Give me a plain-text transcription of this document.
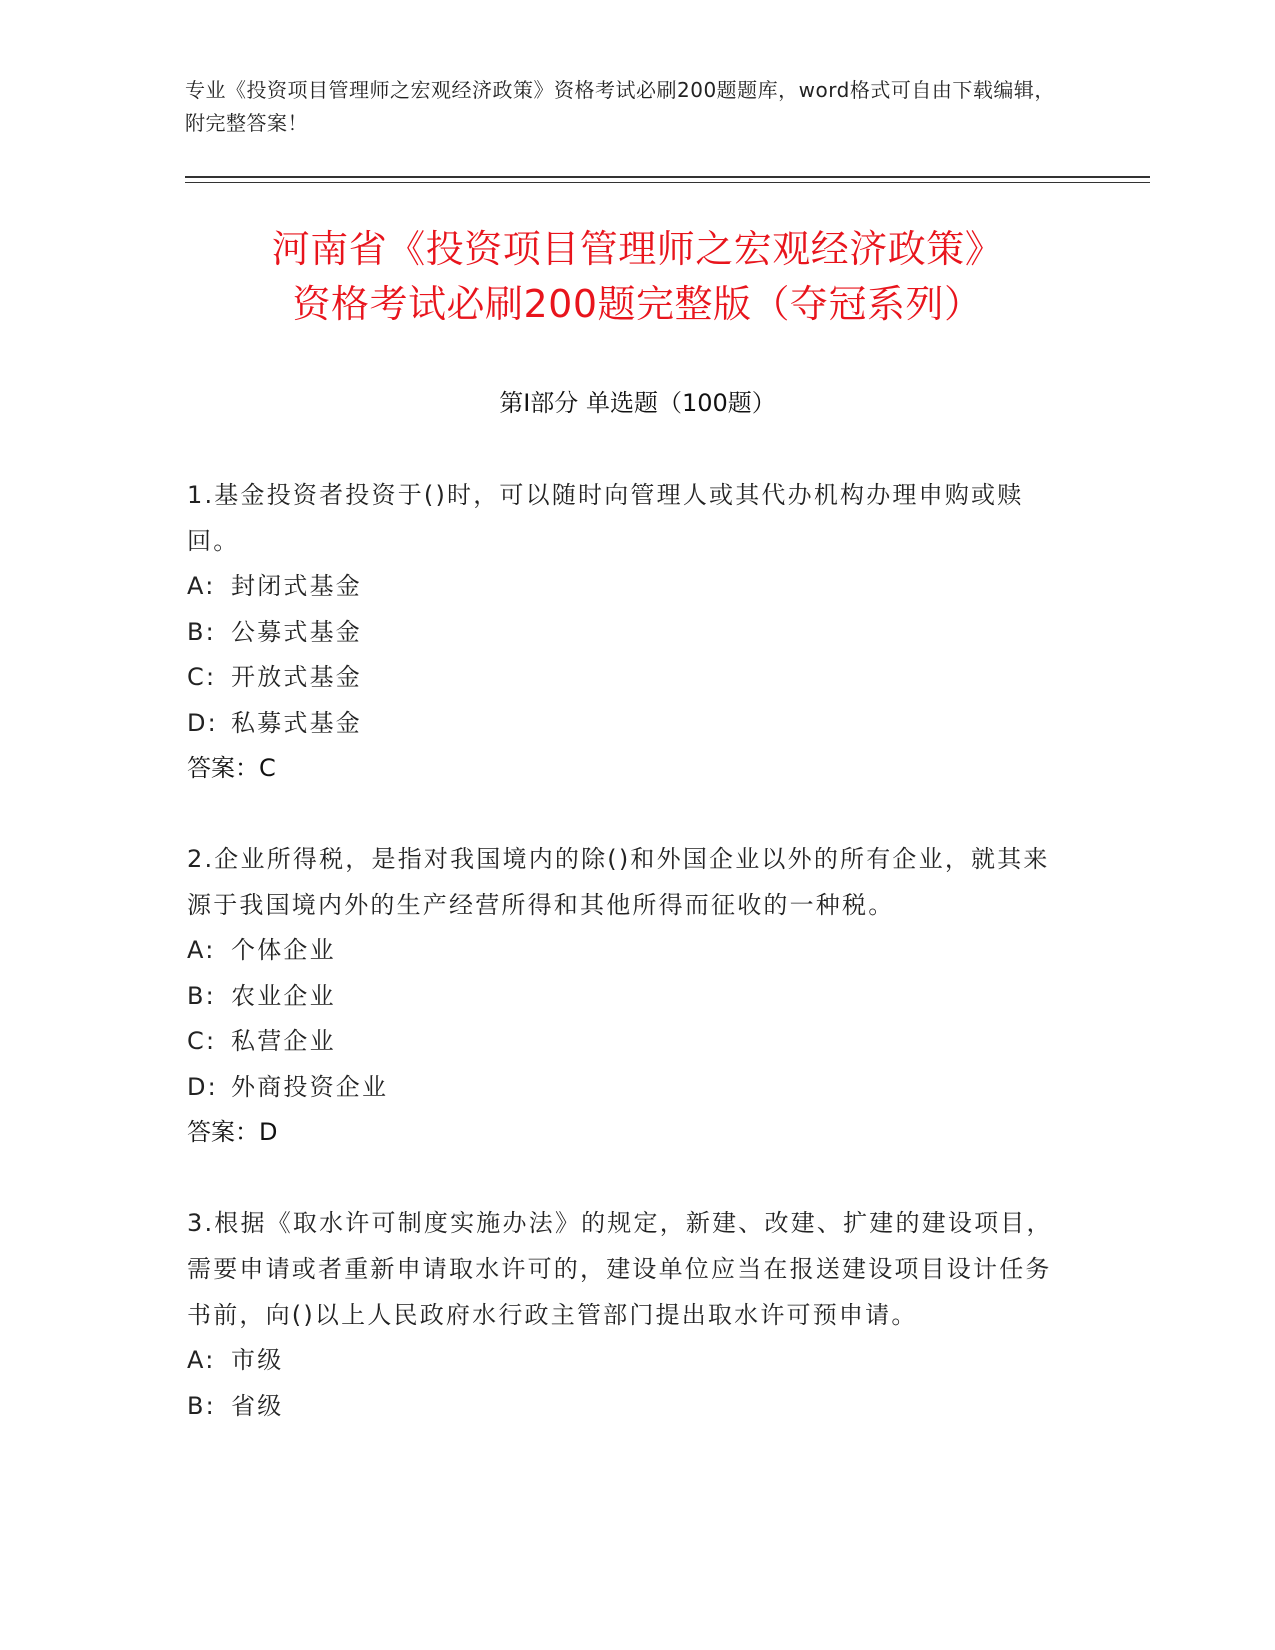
专业《投资项目管理师之宏观经济政策》资格考试必刷200题题库，word格式可自由下载编辑，附完整答案！
河南省《投资项目管理师之宏观经济政策》
资格考试必刷200题完整版（夺冠系列）
第Ⅰ部分 单选题（100题）
1.基金投资者投资于()时，可以随时向管理人或其代办机构办理申购或赎回。
A: 封闭式基金
B: 公募式基金
C: 开放式基金
D: 私募式基金
答案：C
2.企业所得税，是指对我国境内的除()和外国企业以外的所有企业，就其来源于我国境内外的生产经营所得和其他所得而征收的一种税。
A: 个体企业
B: 农业企业
C: 私营企业
D: 外商投资企业
答案：D
3.根据《取水许可制度实施办法》的规定，新建、改建、扩建的建设项目，需要申请或者重新申请取水许可的，建设单位应当在报送建设项目设计任务书前，向()以上人民政府水行政主管部门提出取水许可预申请。
A: 市级
B: 省级
